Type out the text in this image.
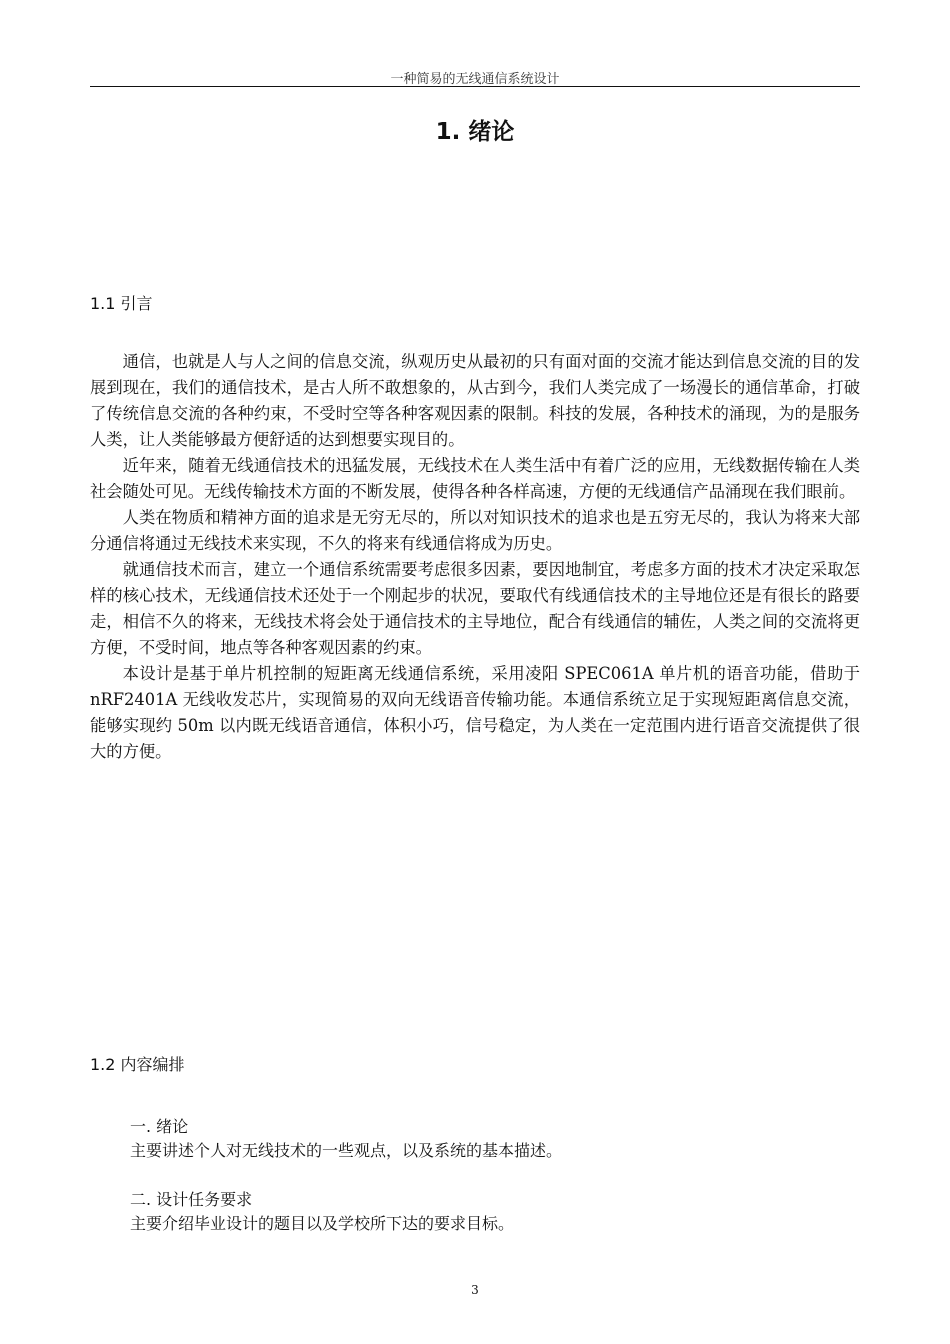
一种简易的无线通信系统设计
1. 绪论
1.1 引言

通信，也就是人与人之间的信息交流，纵观历史从最初的只有面对面的交流才能达到信息交流的目的发展到现在，我们的通信技术，是古人所不敢想象的，从古到今，我们人类完成了一场漫长的通信革命，打破了传统信息交流的各种约束，不受时空等各种客观因素的限制。科技的发展，各种技术的涌现，为的是服务人类，让人类能够最方便舒适的达到想要实现目的。

近年来，随着无线通信技术的迅猛发展，无线技术在人类生活中有着广泛的应用，无线数据传输在人类社会随处可见。无线传输技术方面的不断发展，使得各种各样高速，方便的无线通信产品涌现在我们眼前。

人类在物质和精神方面的追求是无穷无尽的，所以对知识技术的追求也是五穷无尽的，我认为将来大部分通信将通过无线技术来实现，不久的将来有线通信将成为历史。

就通信技术而言，建立一个通信系统需要考虑很多因素，要因地制宜，考虑多方面的技术才决定采取怎样的核心技术，无线通信技术还处于一个刚起步的状况，要取代有线通信技术的主导地位还是有很长的路要走，相信不久的将来，无线技术将会处于通信技术的主导地位，配合有线通信的辅佐，人类之间的交流将更方便，不受时间，地点等各种客观因素的约束。

本设计是基于单片机控制的短距离无线通信系统，采用凌阳 SPEC061A 单片机的语音功能，借助于 nRF2401A 无线收发芯片，实现简易的双向无线语音传输功能。本通信系统立足于实现短距离信息交流，能够实现约 50m 以内既无线语音通信，体积小巧，信号稳定，为人类在一定范围内进行语音交流提供了很大的方便。

1.2 内容编排
一. 绪论
主要讲述个人对无线技术的一些观点，以及系统的基本描述。
二. 设计任务要求
主要介绍毕业设计的题目以及学校所下达的要求目标。
3
